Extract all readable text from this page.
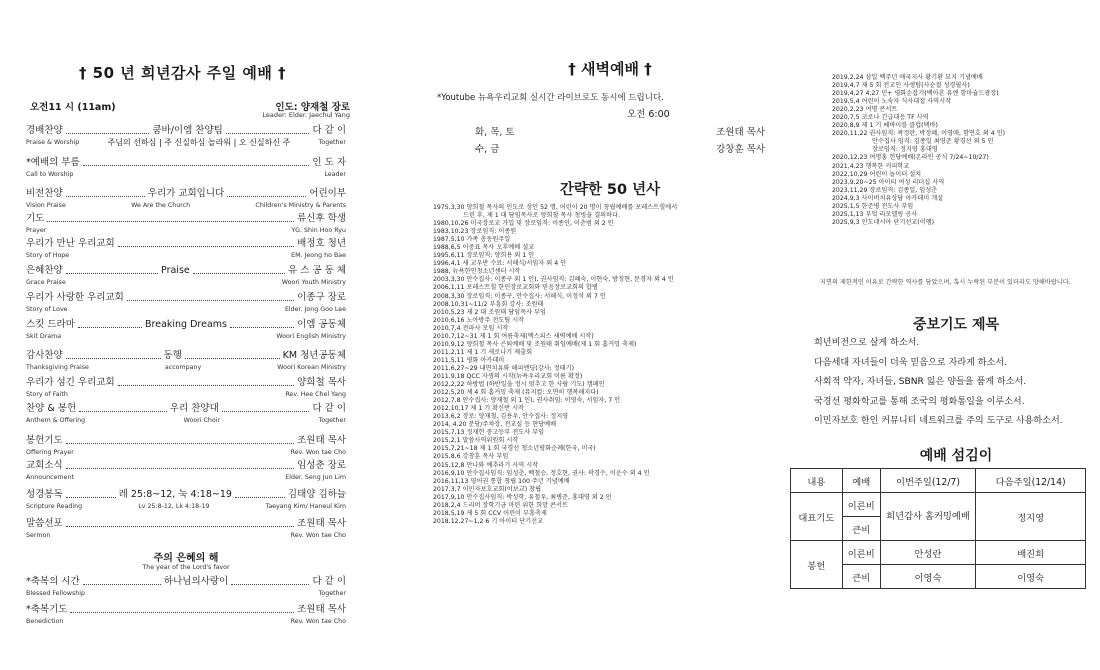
† 50 년 희년감사 주일 예배 †
오전11 시 (11am)	인도: 양재철 장로
Leader: Elder. Jaechul Yang
경배찬양	쿰바/이엠 찬양팀	다 같 이
Praise & Worship	주님의 선하심 | 주 신실하심 놀라워 | 오 신실하신 주	Together
*예배의 부름	인 도 자
Call to Worship	Leader
비전찬양	우리가 교회입니다	어린이부
Vision Praise	We Are the Church	Children's Ministry & Parents
기도	류신후 학생
Prayer	YG. Shin Hoo Ryu
우리가 만난 우리교회	배정호 청년
Story of Hope	EM. Jeong ho Bae
은혜찬양	Praise	유 스 공 동 체
Grace Praise	Woori Youth Ministry
우리가 사랑한 우리교회	이종구 장로
Story of Love	Elder. Jong Goo Lee
스킷 드라마	Breaking Dreams	이엠 공동체
Skit Drama	Woori English Ministry
감사찬양	동행	KM 청년공동체
Thanksgiving Praise	accompany	Woori Korean Ministry
우리가 섬긴 우리교회	양희철 목사
Story of Faith	Rev. Hee Chel Yang
찬양 & 봉헌	우리 찬양대	다 같 이
Anthem & Offering	Woori Choir	Together
봉헌기도	조원태 목사
Offering Prayer	Rev. Won tae Cho
교회소식	임성춘 장로
Announcement	Elder. Seng Jun Lim
성경봉독	레 25:8~12, 눅 4:18~19	김태양 김하늘
Scripture Reading	Lv 25:8-12, Lk 4:18-19	Taeyang Kim/ Haneul Kim
말씀선포	조원태 목사
Sermon	Rev. Won tae Cho
주의 은혜의 해
The year of the Lord's favor
*축복의 시간	하나님의사랑이	다 같 이
Blessed Fellowship	Together
*축복기도	조원태 목사
Benediction	Rev. Won tae Cho
† 새벽예배 †
*Youtube 뉴욕우리교회 실시간 라이브로도 동시에 드립니다.
오전 6:00
화, 목, 토	조원태 목사
수, 금	강창훈 목사
간략한 50 년사
1975,3,30 양희철 목사의 인도로 성인 52 명, 어린이 20 명이 창립예배를 포레스트힐에서
드린 후, 제 1 대 담임목사로 양희철 목사 청빙을 결의하다.
1980,10,26 미국장로교 가입 및 장로임직: 이종인, 이춘범 외 2 인
1983,10,23 장로임직: 이종원
1987,5,10 가족 총동원주일
1988,6,5 이중표 목사 오후예배 설교
1995,6,11 장로임직: 양희용 외 1 인
1996,4,1 새 교우반 수료: 서해식/서임자 외 4 인
1988, 뉴욕한인청소년센터 시작
2003,3,30 안수집사: 이종구 외 1 인), 권사임직: 김혜숙, 이현숙, 방정현, 문경자 외 4 인
2006,1,11 포레스트힐 한인장로교회와 믿음장로교회의 합병
2008,3,30 장로임직: 이종구, 안수집사: 서해식, 이정석 외 7 인
2008,10,31~11/2 부흥회 강사: 조원태
2010,5,23 제 2 대 조원태 담임목사 부임
2010,6,16 노아방주 전도팀 시작
2010,7,4 전파사 모임 시작
2010,7,12~31 제 1 회 여름축제(엑스피스 새벽예배 시작)
2010,9,12 양희철 목사 은퇴예배 및 조원태 취임예배(제 1 회 홈커밍 축제)
2011,2,11 제 1 기 새로나기 제출회
2011,5,11 평화 아카데미
2011,6,27~29 내면치유와 해피엔딩(강사: 정태기)
2011,9,18 QCC 자생의 시작(뉴욕우리교회 이름 확정)
2012,2,22 하방법 (하반일을 정시 멈추고 한 사람 기도) 캠페인
2012,5,20 제 4 회 홈커밍 축제 (뮤지컬: 오면히 행복해지다)
2012,7,8 안수집사: 양재철 외 1 인), 권사취임: 이영숙, 서임자, 7 인
2012,10,17 제 1 기 확신반 시작
2013,6,2 장로: 양재철, 김용우, 안수집사: 정지영
2014, 4.20 분당/주차장, 전교실 등 현당예배
2015,7,13 정재헌 중고등부 전도사 부임
2015,2,1 말씀사역위원회 시작
2015,7,21~18 제 1 회 국경선 청소년평화순례(한국, 미국)
2015,8,6 강창훈 목사 부임
2015,12,8 만나와 예추라기 사역 시작
2016,9,10 안수집사임직: 임성춘, 백철승, 정호현, 권사: 곽경수, 이운수 외 4 인
2016,11,13 영어권 통합 창립 100 주년 기념예배
2017,3,7 이민자보호교회(이보교) 창립
2017,9,10 안수집사임직: 박성학, 유철우, 최병준, 홍대영 외 2 인
2018,2,4 드리머 장학기금 마련 위한 희망 콘서트
2018,5,19 제 5 회 CCV 어린이 부흥축제
2018,12,27~1,2 6 기 아이티 단기선교
2019,2,24 삼일 백주년 애국지사 황기환 묘지 기념예배
2019,4,7 제 5 회 전교인 사생텀(사순절 성경필사)
2019,4,27 4,27 민+ 평화손잡기(백아흔 유엔 함마슐드광장)
2019,5,4 어린이 노숙자 식사대접 사역시작
2020,2,23 여명 콘서트
2020,7,5 코로나 긴급대응 TF 사역
2020,8,9 제 1 기 쎄바이블 클럽(택바)
2020,11,22 권사임직: 곽정란, 박정혜, 이영애, 함연호 외 4 인)
안수집사 임직: 김종일 최영준 황경선 외 5 인
장로임직: 정지영 홍대영
2020,12,23 여명홍 헌당예배(온라인 공식 7/24~10/27)
2021,4,23 행복한 커피학교
2022,10,29 어린이 놀이터 설치
2023,9,20~25 아이티 여성 리더십 사역
2023,11,29 장로임직: 김종일, 임성춘
2024,9,3 사이버치유상담 아카데미 개설
2025,1,5 한준병 전도사 부임
2025,1,13 부엌 리모델링 공사
2025,9,3 인도네시아 단기선교(이엠)
지면의 제한적인 이유로 간략한 역사를 담았으며, 혹시 누락된 부분이 있더라도 양해바랍니다.
중보기도 제목
희년비전으로 살게 하소서.
다음세대 자녀들이 더욱 믿음으로 자라게 하소서.
사회적 약자, 자녀들, SBNR 잃은 양들을 품게 하소서.
국경선 평화학교를 통해 조국의 평화통일을 이루소서.
이민자보호 한인 커뮤니티 네트워크를 주의 도구로 사용하소서.
예배 섬김이
내용	예배	이번주일(12/7)	다음주일(12/14)
대표기도	이른비	희년감사 홈커밍예배	정지영
	큰비		
봉헌	이른비	안성란	배진희
	큰비	이영숙	이영숙
